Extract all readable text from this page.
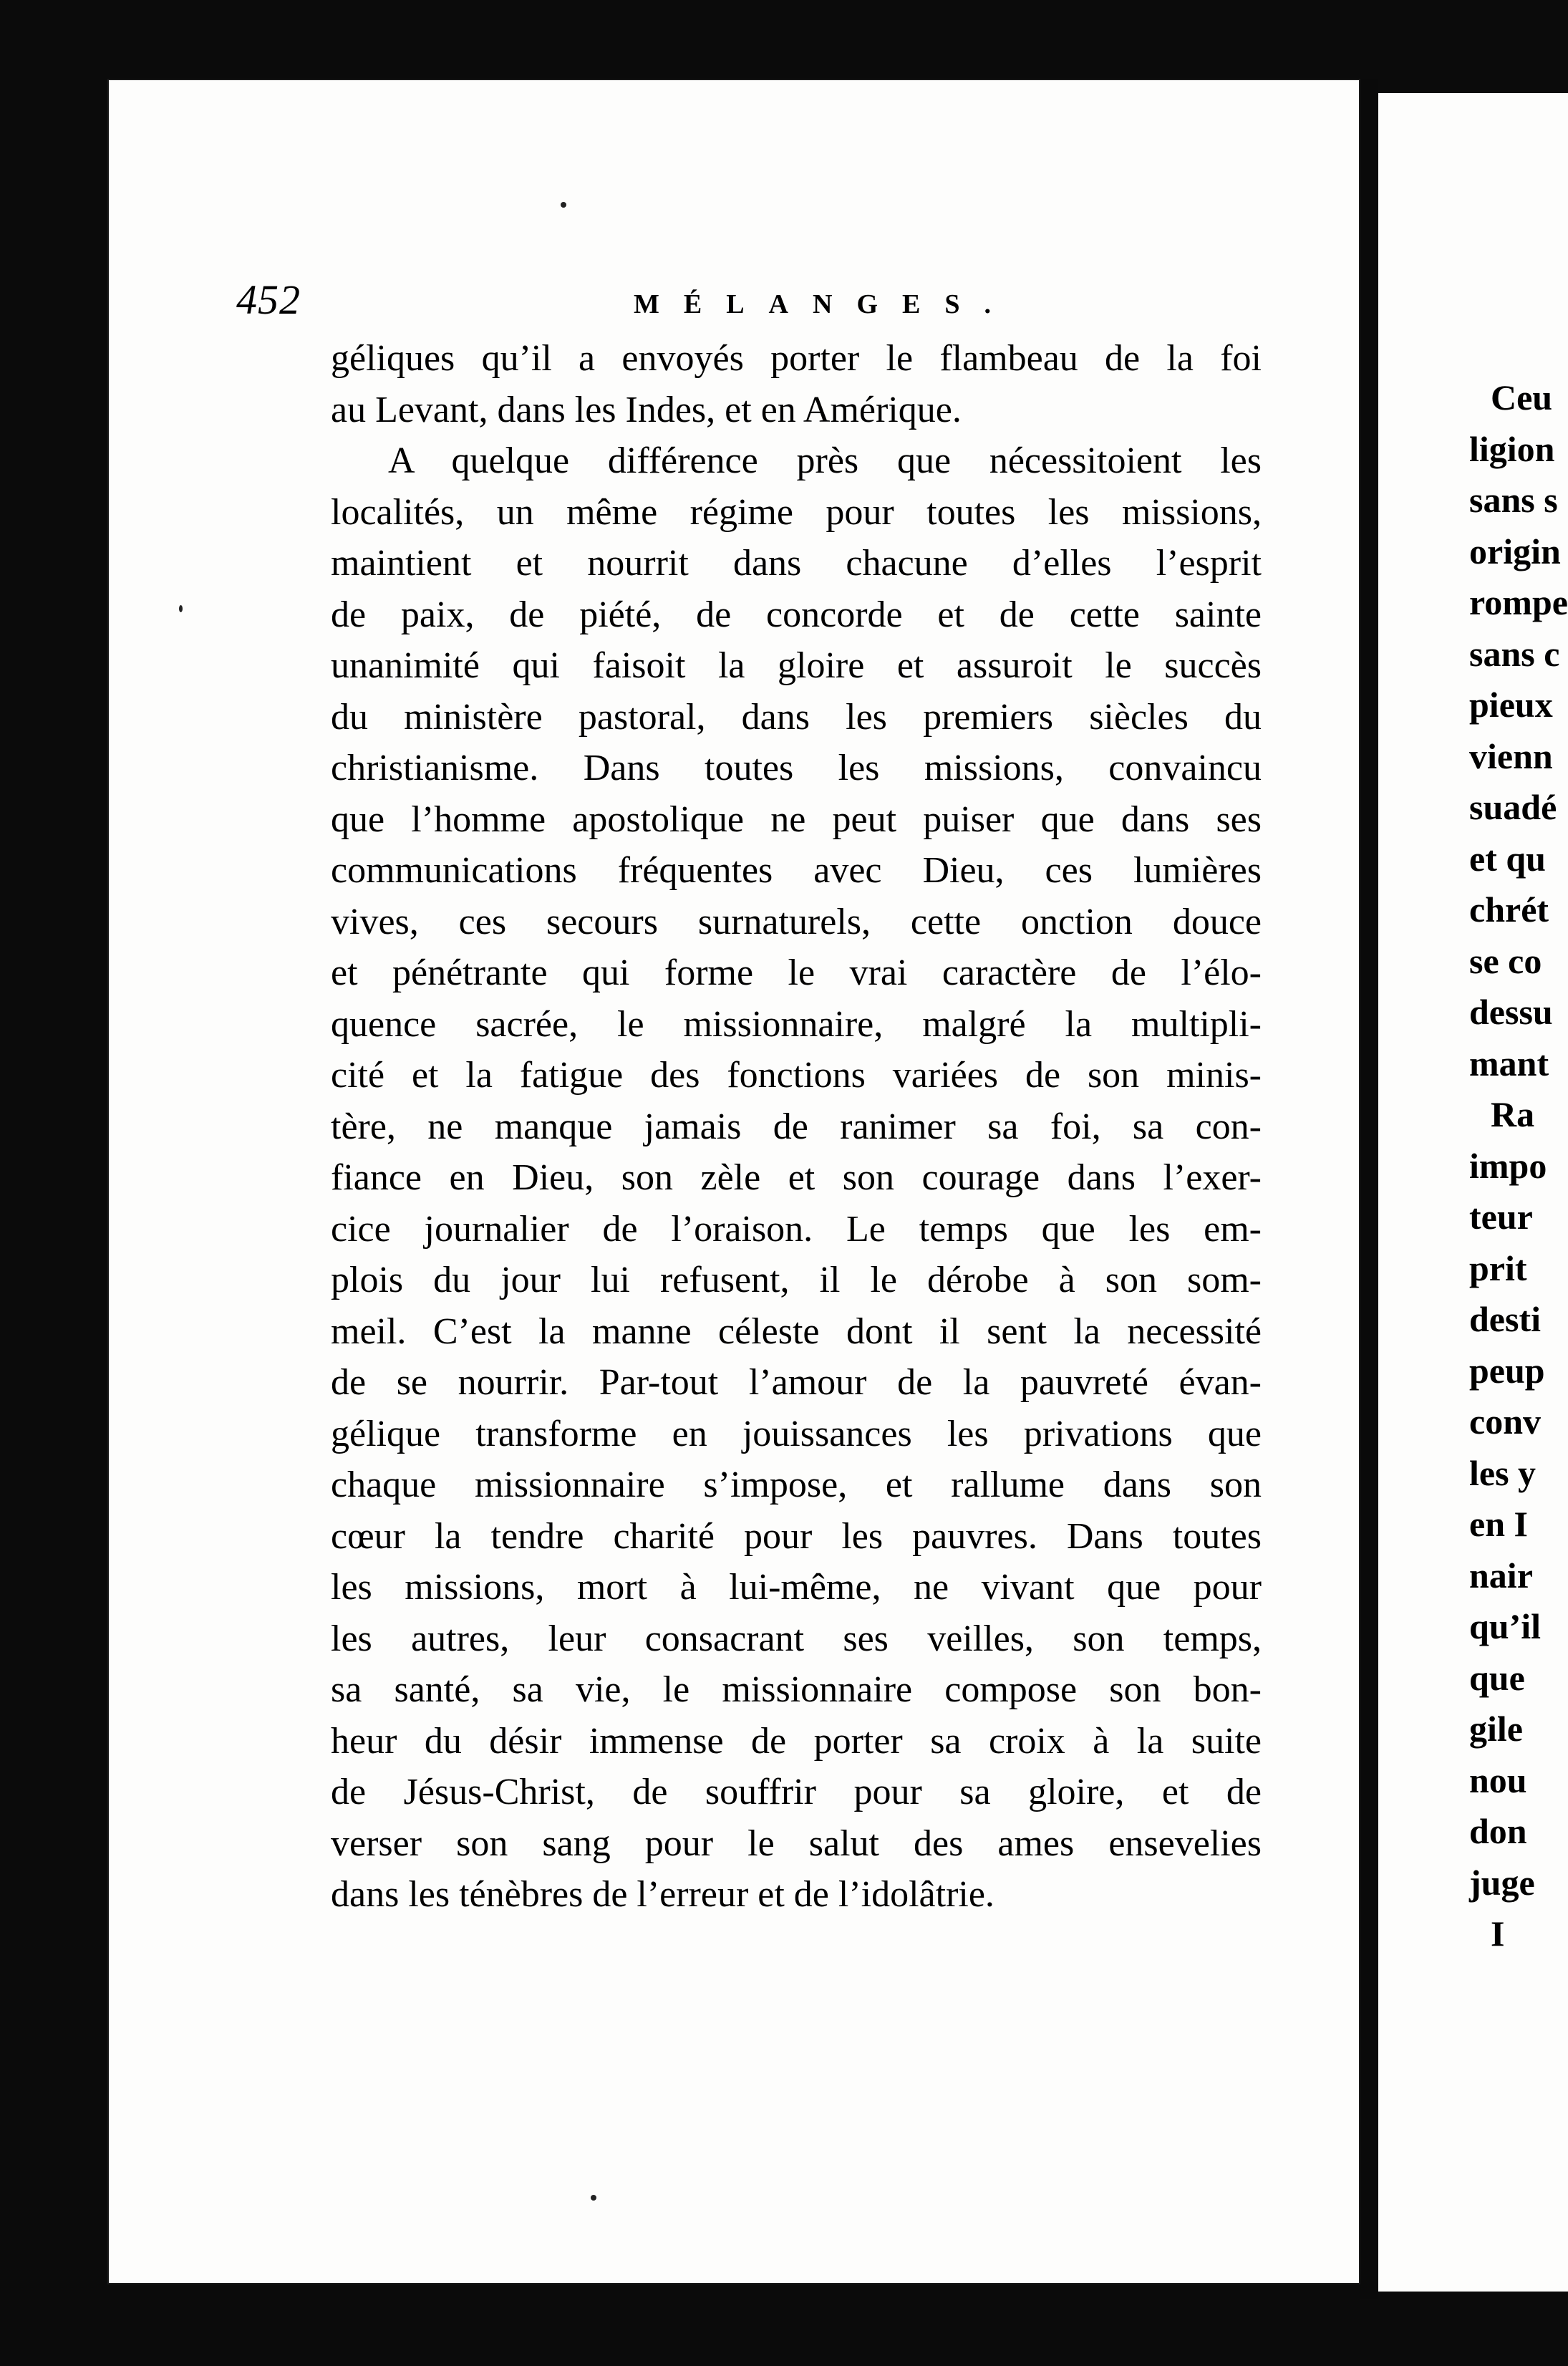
452	MÉLANGES.
géliques qu’il a envoyés porter le flambeau de la foi
au Levant, dans les Indes, et en Amérique.
A quelque différence près que nécessitoient les
localités, un même régime pour toutes les missions,
maintient et nourrit dans chacune d’elles l’esprit
de paix, de piété, de concorde et de cette sainte
unanimité qui faisoit la gloire et assuroit le succès
du ministère pastoral, dans les premiers siècles du
christianisme. Dans toutes les missions, convaincu
que l’homme apostolique ne peut puiser que dans ses
communications fréquentes avec Dieu, ces lumières
vives, ces secours surnaturels, cette onction douce
et pénétrante qui forme le vrai caractère de l’élo-
quence sacrée, le missionnaire, malgré la multipli-
cité et la fatigue des fonctions variées de son minis-
tère, ne manque jamais de ranimer sa foi, sa con-
fiance en Dieu, son zèle et son courage dans l’exer-
cice journalier de l’oraison. Le temps que les em-
plois du jour lui refusent, il le dérobe à son som-
meil. C’est la manne céleste dont il sent la necessité
de se nourrir. Par-tout l’amour de la pauvreté évan-
gélique transforme en jouissances les privations que
chaque missionnaire s’impose, et rallume dans son
cœur la tendre charité pour les pauvres. Dans toutes
les missions, mort à lui-même, ne vivant que pour
les autres, leur consacrant ses veilles, son temps,
sa santé, sa vie, le missionnaire compose son bon-
heur du désir immense de porter sa croix à la suite
de Jésus-Christ, de souffrir pour sa gloire, et de
verser son sang pour le salut des ames ensevelies
dans les ténèbres de l’erreur et de l’idolâtrie.
Ceu
ligion
sans s
origin
rompe
sans c
pieux
vienn
suadé
et qu
chrét
se co
dessu
mant
Ra
impo
teur
prit
desti
peup
conv
les y
en I
nair
qu’il
que
gile
nou
don
juge
I
